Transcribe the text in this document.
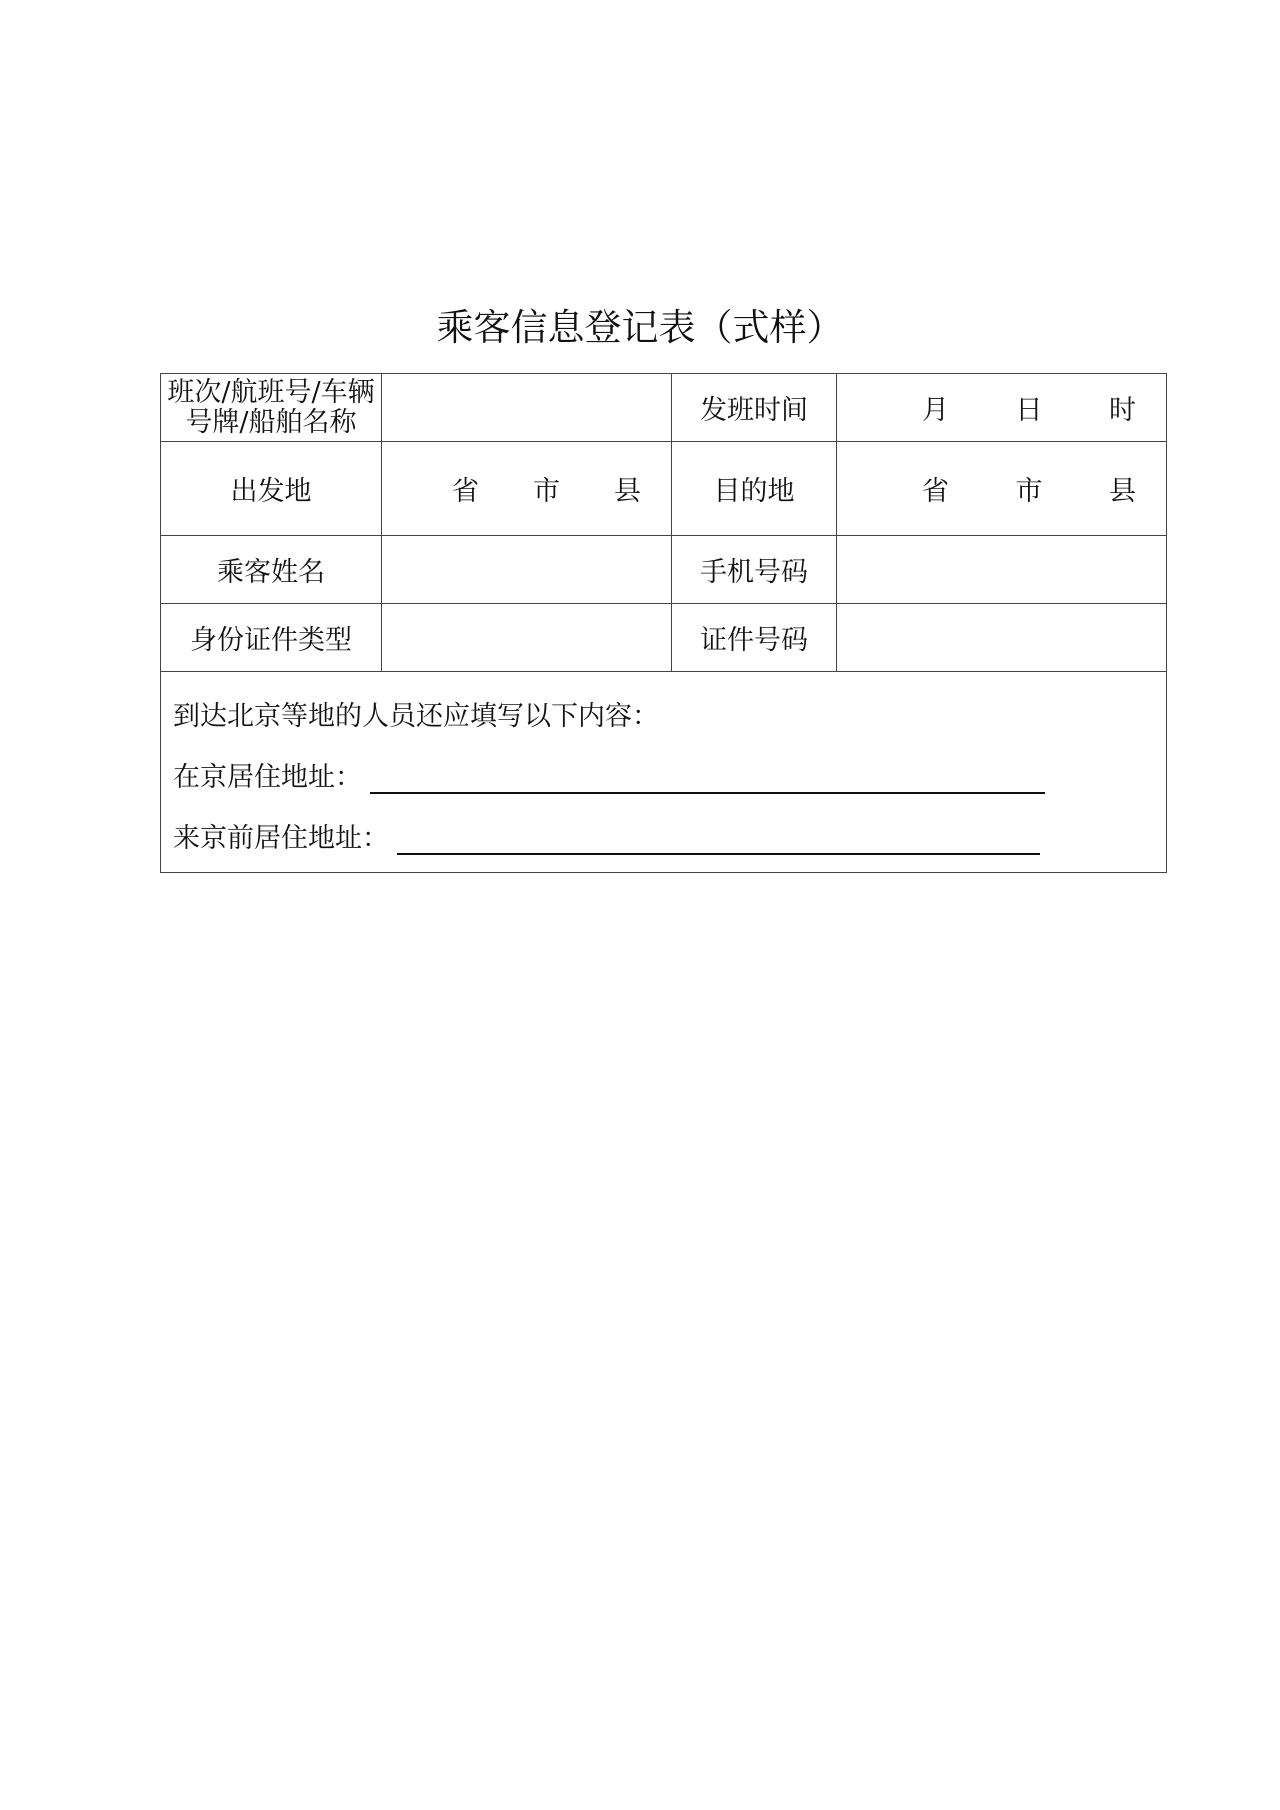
乘客信息登记表（式样）
班次/航班号/车辆
号牌/船舶名称		发班时间	月 日 时

出发地	省 市 县	目的地	省 市 县

乘客姓名		手机号码	
身份证件类型		证件号码	

到达北京等地的人员还应填写以下内容：
在京居住地址：
来京前居住地址：			
